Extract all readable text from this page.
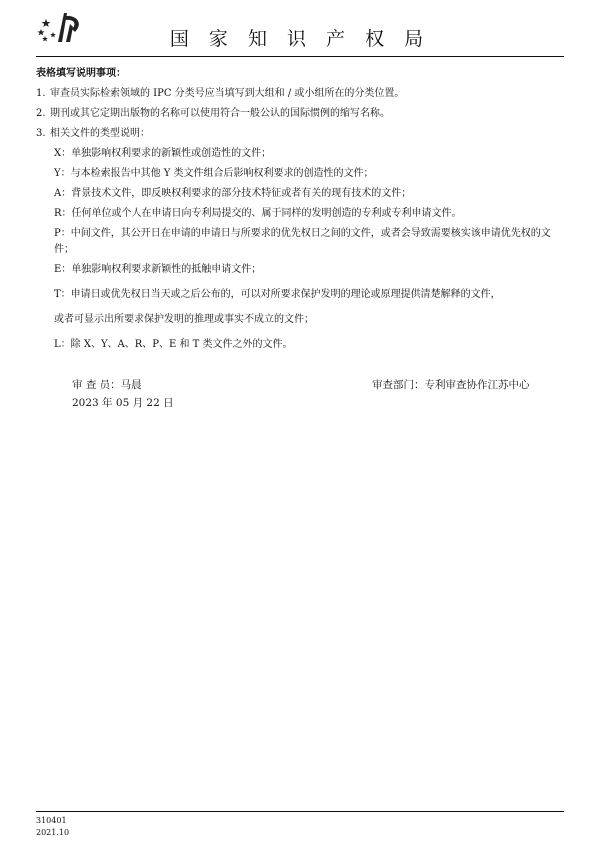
国 家 知 识 产 权 局

表格填写说明事项：

1. 审查员实际检索领域的 IPC 分类号应当填写到大组和 / 或小组所在的分类位置。
2. 期刊或其它定期出版物的名称可以使用符合一般公认的国际惯例的缩写名称。
3. 相关文件的类型说明：
X：单独影响权利要求的新颖性或创造性的文件；
Y：与本检索报告中其他 Y 类文件组合后影响权利要求的创造性的文件；
A：背景技术文件，即反映权利要求的部分技术特征或者有关的现有技术的文件；
R：任何单位或个人在申请日向专利局提交的、属于同样的发明创造的专利或专利申请文件。
P：中间文件，其公开日在申请的申请日与所要求的优先权日之间的文件，或者会导致需要核实该申请优先权的文件；
E：单独影响权利要求新颖性的抵触申请文件；
T：申请日或优先权日当天或之后公布的，可以对所要求保护发明的理论或原理提供清楚解释的文件，
或者可显示出所要求保护发明的推理或事实不成立的文件；
L：除 X、Y、A、R、P、E 和 T 类文件之外的文件。
审 查 员：马晨
2023 年 05 月 22 日
审查部门：专利审查协作江苏中心
310401
2021.10
